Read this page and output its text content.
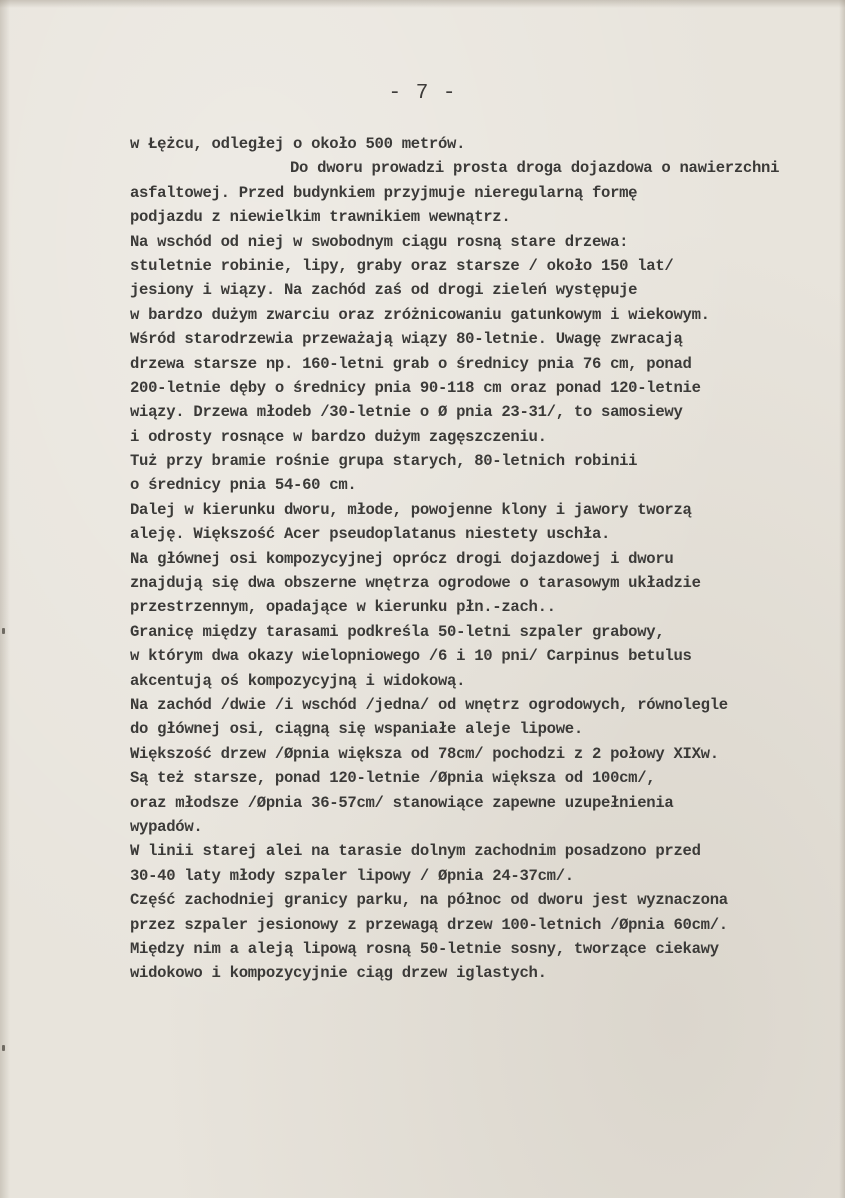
- 7 -
w Łężcu, odległej o około 500 metrów.
Do dworu prowadzi prosta droga dojazdowa o nawierzchni
asfaltowej. Przed budynkiem przyjmuje nieregularną formę
podjazdu z niewielkim trawnikiem wewnątrz.
Na wschód od niej w swobodnym ciągu rosną stare drzewa:
stuletnie robinie, lipy, graby oraz starsze / około 150 lat/
jesiony i wiązy. Na zachód zaś od drogi zieleń występuje
w bardzo dużym zwarciu oraz zróżnicowaniu gatunkowym i wiekowym.
Wśród starodrzewia przeważają wiązy 80-letnie. Uwagę zwracają
drzewa starsze np. 160-letni grab o średnicy pnia 76 cm, ponad
200-letnie dęby o średnicy pnia 90-118 cm oraz ponad 120-letnie
wiązy. Drzewa młodeb /30-letnie o Ø pnia 23-31/, to samosiewy
i odrosty rosnące w bardzo dużym zagęszczeniu.
Tuż przy bramie rośnie grupa starych, 80-letnich robinii
o średnicy pnia 54-60 cm.
Dalej w kierunku dworu, młode, powojenne klony i jawory tworzą
aleję. Większość Acer pseudoplatanus niestety uschła.
Na głównej osi kompozycyjnej oprócz drogi dojazdowej i dworu
znajdują się dwa obszerne wnętrza ogrodowe o tarasowym układzie
przestrzennym, opadające w kierunku płn.-zach..
Granicę między tarasami podkreśla 50-letni szpaler grabowy,
w którym dwa okazy wielopniowego /6 i 10 pni/ Carpinus betulus
akcentują oś kompozycyjną i widokową.
Na zachód /dwie /i wschód /jedna/ od wnętrz ogrodowych, równolegle
do głównej osi, ciągną się wspaniałe aleje lipowe.
Większość drzew /Øpnia większa od 78cm/ pochodzi z 2 połowy XIXw.
Są też starsze, ponad 120-letnie /Øpnia większa od 100cm/,
oraz młodsze /Øpnia 36-57cm/ stanowiące zapewne uzupełnienia
wypadów.
W linii starej alei na tarasie dolnym zachodnim posadzono przed
30-40 laty młody szpaler lipowy / Øpnia 24-37cm/.
Część zachodniej granicy parku, na północ od dworu jest wyznaczona
przez szpaler jesionowy z przewagą drzew 100-letnich /Øpnia 60cm/.
Między nim a aleją lipową rosną 50-letnie sosny, tworzące ciekawy
widokowo i kompozycyjnie ciąg drzew iglastych.
